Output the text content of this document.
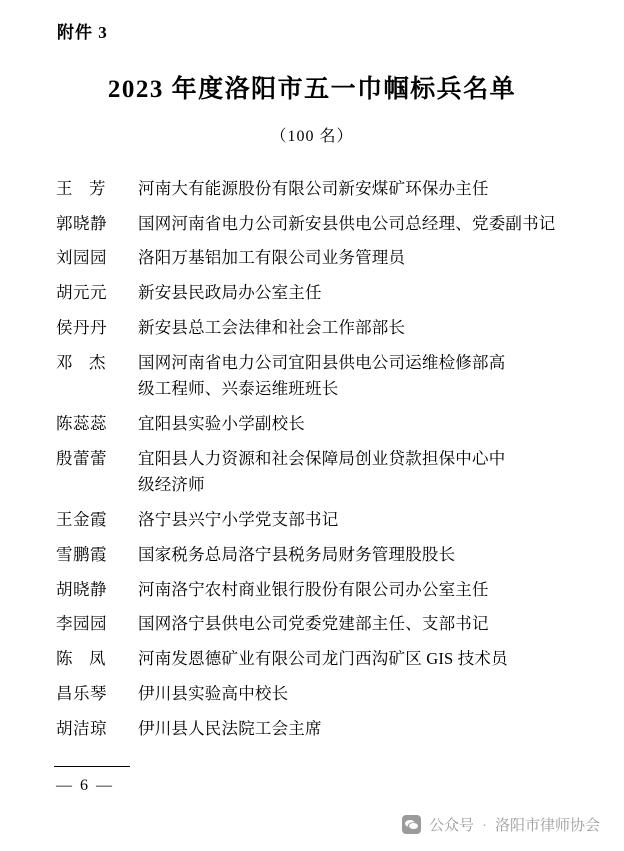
附件 3
2023 年度洛阳市五一巾帼标兵名单
（100 名）
王　芳 河南大有能源股份有限公司新安煤矿环保办主任
郭晓静	国网河南省电力公司新安县供电公司总经理、党委副书记
刘园园	洛阳万基铝加工有限公司业务管理员
胡元元	新安县民政局办公室主任
侯丹丹	新安县总工会法律和社会工作部部长
邓　杰 国网河南省电力公司宜阳县供电公司运维检修部高
级工程师、兴泰运维班班长
陈蕊蕊	宜阳县实验小学副校长
殷蕾蕾	宜阳县人力资源和社会保障局创业贷款担保中心中
级经济师
王金霞	洛宁县兴宁小学党支部书记
雪鹏霞	国家税务总局洛宁县税务局财务管理股股长
胡晓静	河南洛宁农村商业银行股份有限公司办公室主任
李园园	国网洛宁县供电公司党委党建部主任、支部书记
陈　凤 河南发恩德矿业有限公司龙门西沟矿区 GIS 技术员
昌乐琴	伊川县实验高中校长
胡洁琼	伊川县人民法院工会主席
— 6 —
公众号 · 洛阳市律师协会
